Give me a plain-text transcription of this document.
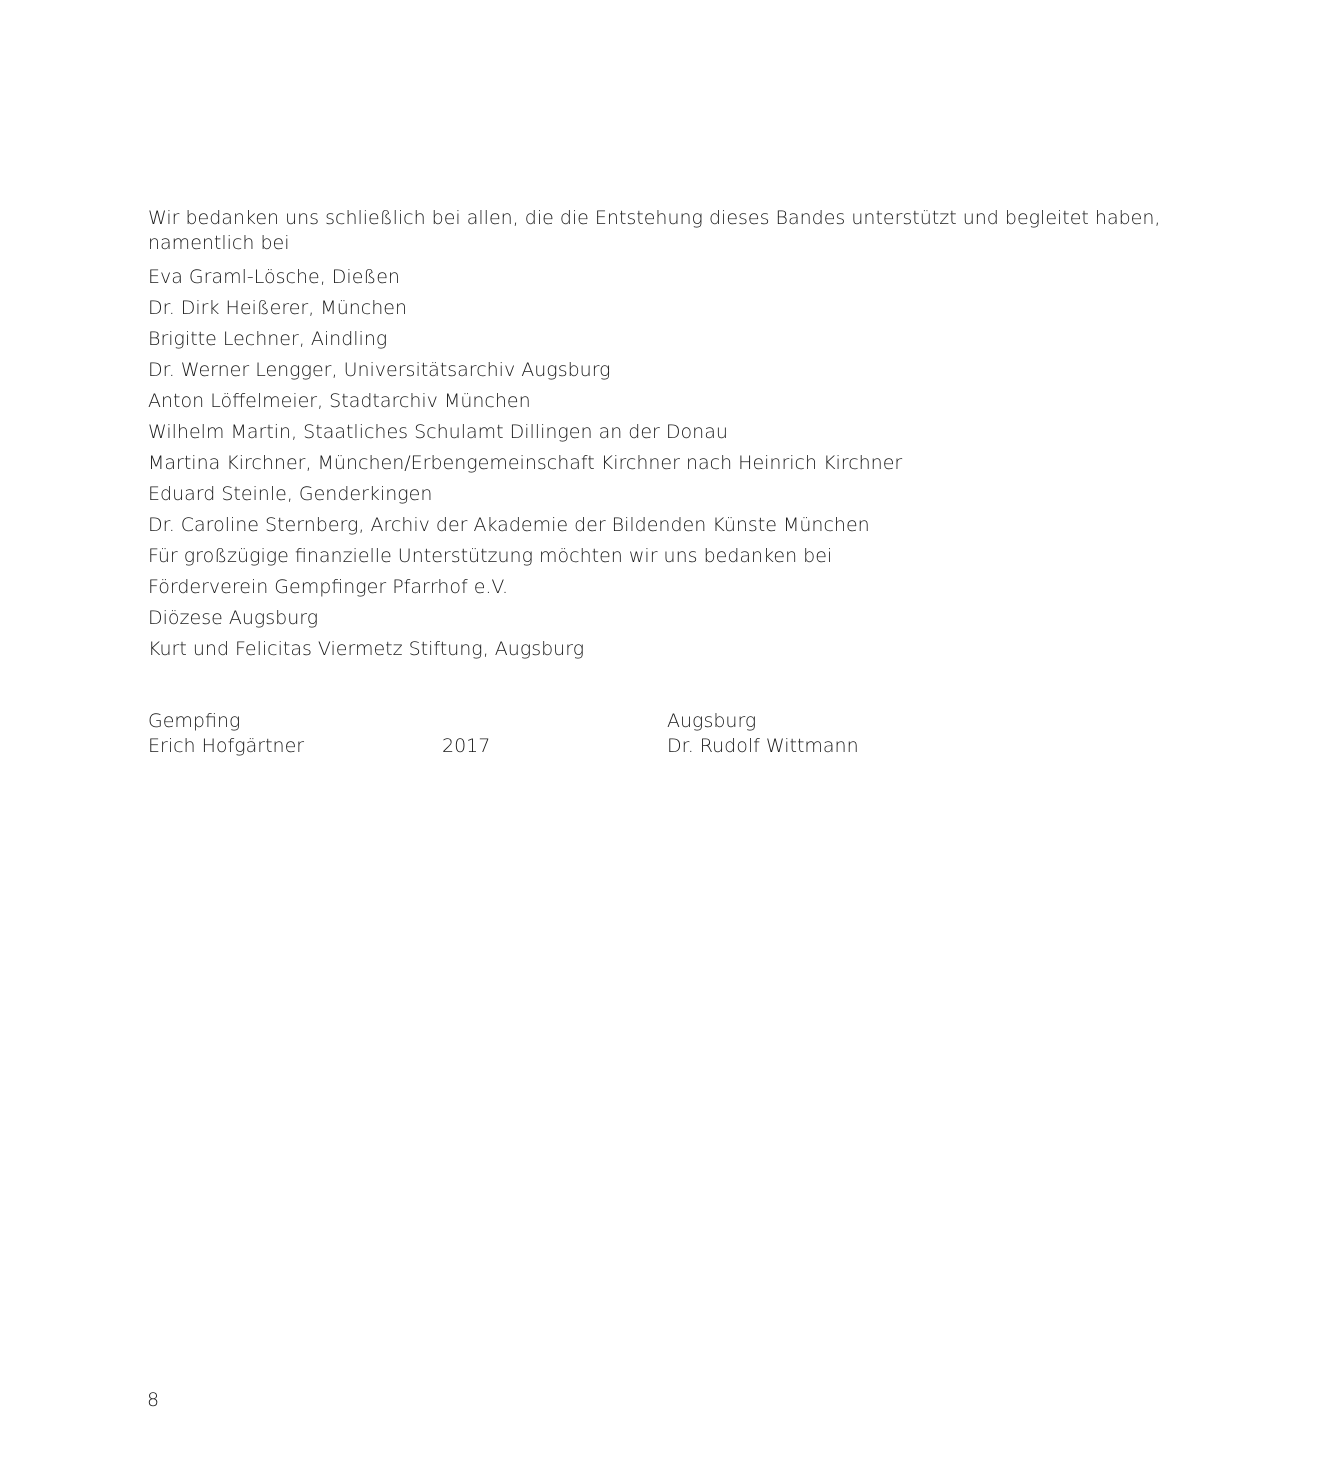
Wir bedanken uns schließlich bei allen, die die Entstehung dieses Bandes unterstützt und begleitet haben, namentlich bei

Eva Graml-Lösche, Dießen
Dr. Dirk Heißerer, München
Brigitte Lechner, Aindling
Dr. Werner Lengger, Universitätsarchiv Augsburg
Anton Löffelmeier, Stadtarchiv München
Wilhelm Martin, Staatliches Schulamt Dillingen an der Donau
Martina Kirchner, München/Erbengemeinschaft Kirchner nach Heinrich Kirchner
Eduard Steinle, Genderkingen
Dr. Caroline Sternberg, Archiv der Akademie der Bildenden Künste München
Für großzügige finanzielle Unterstützung möchten wir uns bedanken bei
Förderverein Gempfinger Pfarrhof e.V.
Diözese Augsburg
Kurt und Felicitas Viermetz Stiftung, Augsburg
Gempfing
Erich Hofgärtner	2017
Augsburg
Dr. Rudolf Wittmann
8
